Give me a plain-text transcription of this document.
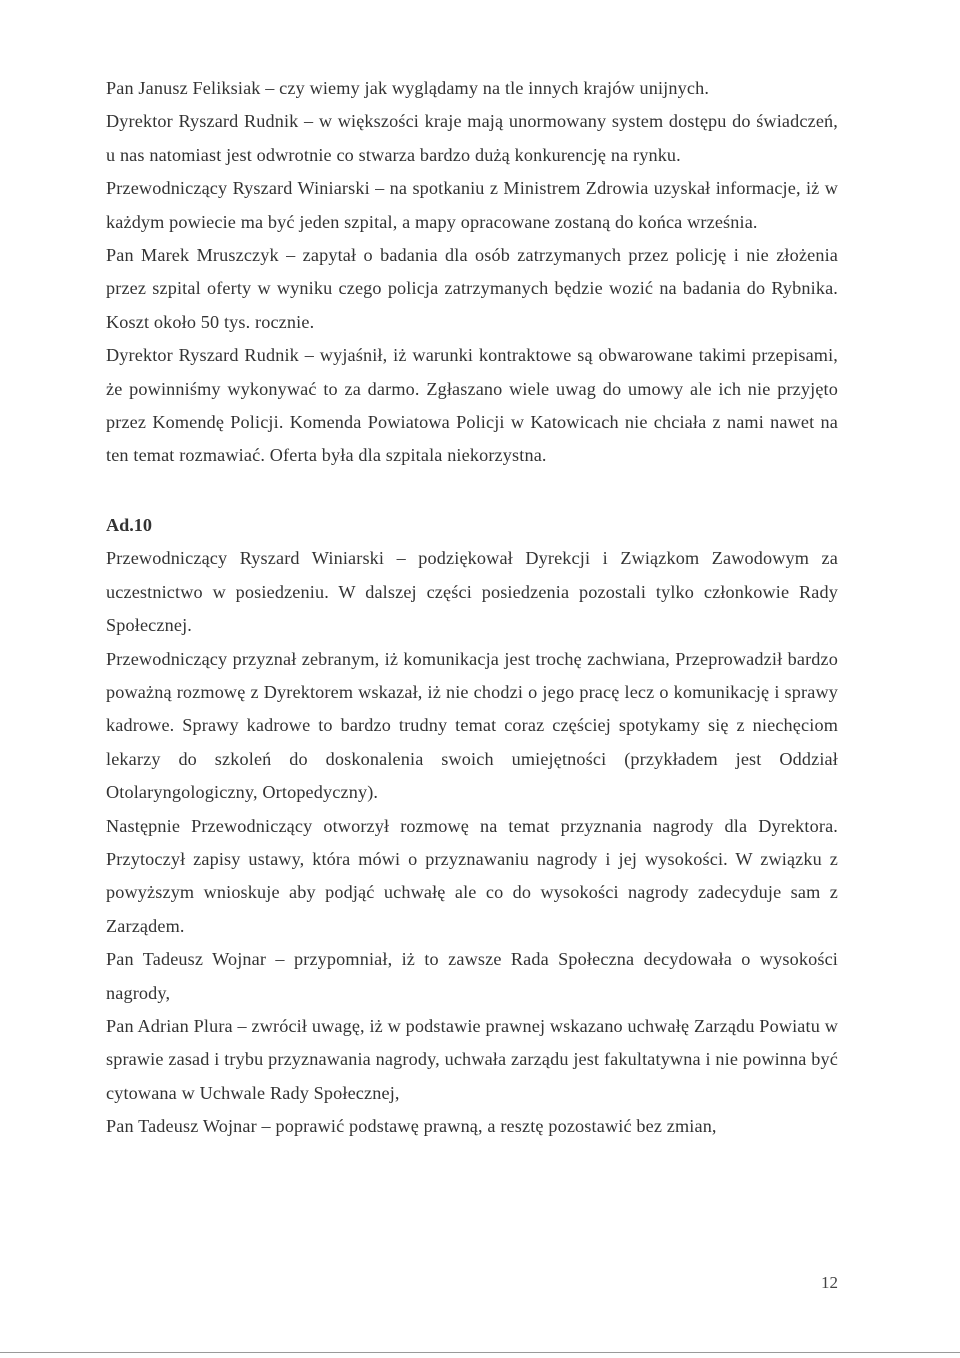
Pan Janusz Feliksiak – czy wiemy jak wyglądamy na tle innych krajów unijnych.

Dyrektor Ryszard Rudnik – w większości kraje mają unormowany system dostępu do świadczeń, u nas natomiast jest odwrotnie co stwarza bardzo dużą konkurencję na rynku.

Przewodniczący Ryszard Winiarski – na spotkaniu z Ministrem Zdrowia uzyskał informacje, iż w każdym powiecie ma być jeden szpital, a mapy opracowane zostaną do końca września.

Pan Marek Mruszczyk – zapytał o badania dla osób zatrzymanych przez policję i nie złożenia przez szpital oferty w wyniku czego policja zatrzymanych będzie wozić na badania do Rybnika. Koszt około 50 tys. rocznie.

Dyrektor Ryszard Rudnik – wyjaśnił, iż warunki kontraktowe są obwarowane takimi przepisami, że powinniśmy wykonywać to za darmo. Zgłaszano wiele uwag do umowy ale ich nie przyjęto przez Komendę Policji. Komenda Powiatowa Policji w Katowicach nie chciała z nami nawet na ten temat rozmawiać. Oferta była dla szpitala niekorzystna.

Ad.10

Przewodniczący Ryszard Winiarski – podziękował Dyrekcji i Związkom Zawodowym za uczestnictwo w posiedzeniu. W dalszej części posiedzenia pozostali tylko członkowie Rady Społecznej.

Przewodniczący przyznał zebranym, iż komunikacja jest trochę zachwiana, Przeprowadził bardzo poważną rozmowę z Dyrektorem wskazał, iż nie chodzi o jego pracę lecz o komunikację i sprawy kadrowe. Sprawy kadrowe to bardzo trudny temat coraz częściej spotykamy się z niechęciom lekarzy do szkoleń do doskonalenia swoich umiejętności (przykładem jest Oddział Otolaryngologiczny, Ortopedyczny).

Następnie Przewodniczący otworzył rozmowę na temat przyznania nagrody dla Dyrektora. Przytoczył zapisy ustawy, która mówi o przyznawaniu nagrody i jej wysokości. W związku z powyższym wnioskuje aby podjąć uchwałę ale co do wysokości nagrody zadecyduje sam z Zarządem.

Pan Tadeusz Wojnar – przypomniał, iż to zawsze Rada Społeczna decydowała o wysokości nagrody,

Pan Adrian Plura – zwrócił uwagę, iż w podstawie prawnej wskazano uchwałę Zarządu Powiatu w sprawie zasad i trybu przyznawania nagrody, uchwała zarządu jest fakultatywna i nie powinna być cytowana w Uchwale Rady Społecznej,

Pan Tadeusz Wojnar – poprawić podstawę prawną, a resztę pozostawić bez zmian,

12
